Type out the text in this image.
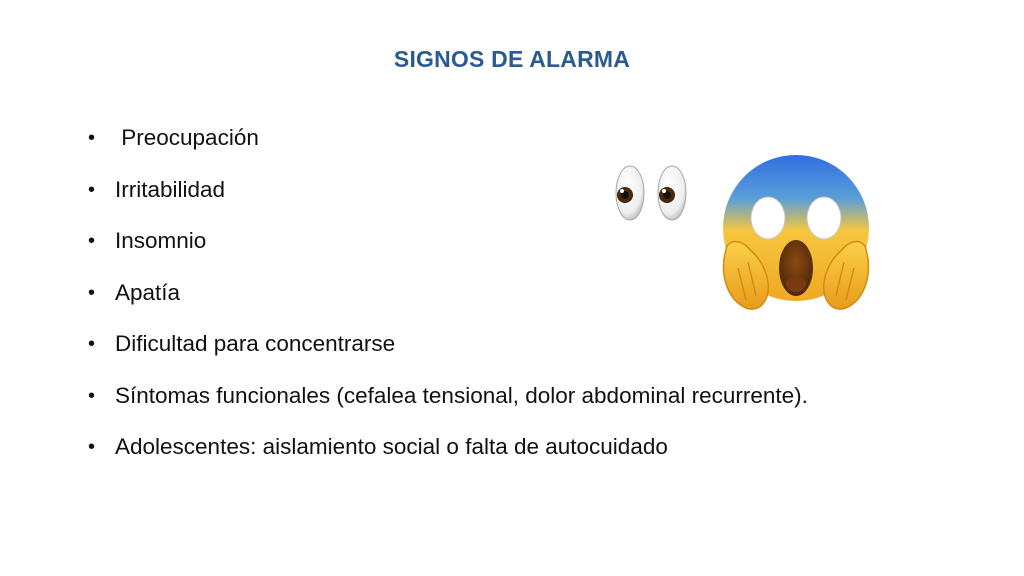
SIGNOS DE ALARMA
• Preocupación
• Irritabilidad
• Insomnio
• Apatía
• Dificultad para concentrarse
• Síntomas funcionales (cefalea tensional, dolor abdominal recurrente).
• Adolescentes: aislamiento social o falta de autocuidado
